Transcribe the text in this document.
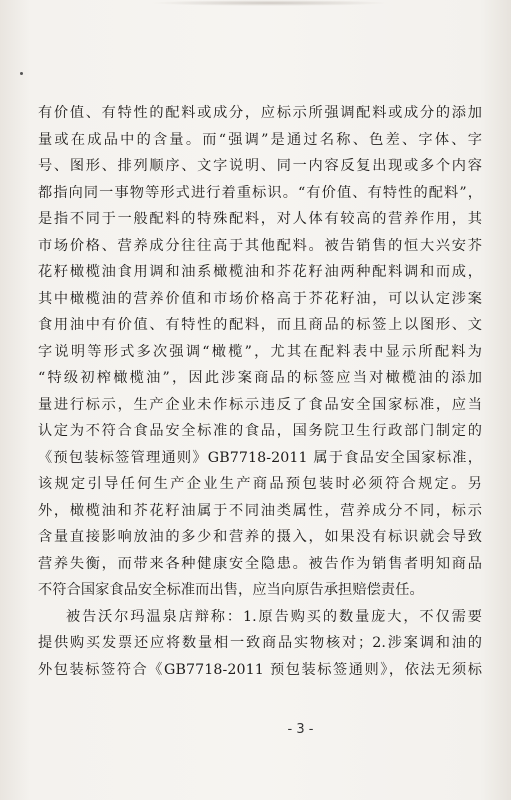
有价值、有特性的配料或成分，应标示所强调配料或成分的添加
量或在成品中的含量。而“强调”是通过名称、色差、字体、字
号、图形、排列顺序、文字说明、同一内容反复出现或多个内容
都指向同一事物等形式进行着重标识。“有价值、有特性的配料”，
是指不同于一般配料的特殊配料，对人体有较高的营养作用，其
市场价格、营养成分往往高于其他配料。被告销售的恒大兴安芥
花籽橄榄油食用调和油系橄榄油和芥花籽油两种配料调和而成，
其中橄榄油的营养价值和市场价格高于芥花籽油，可以认定涉案
食用油中有价值、有特性的配料，而且商品的标签上以图形、文
字说明等形式多次强调“橄榄”，尤其在配料表中显示所配料为
“特级初榨橄榄油”，因此涉案商品的标签应当对橄榄油的添加
量进行标示，生产企业未作标示违反了食品安全国家标准，应当
认定为不符合食品安全标准的食品，国务院卫生行政部门制定的
《预包装标签管理通则》GB7718-2011 属于食品安全国家标准，
该规定引导任何生产企业生产商品预包装时必须符合规定。另
外，橄榄油和芥花籽油属于不同油类属性，营养成分不同，标示
含量直接影响放油的多少和营养的摄入，如果没有标识就会导致
营养失衡，而带来各种健康安全隐患。被告作为销售者明知商品
不符合国家食品安全标准而出售，应当向原告承担赔偿责任。
被告沃尔玛温泉店辩称：1.原告购买的数量庞大，不仅需要
提供购买发票还应将数量相一致商品实物核对；2.涉案调和油的
外包装标签符合《GB7718-2011 预包装标签通则》，依法无须标
- 3 -
